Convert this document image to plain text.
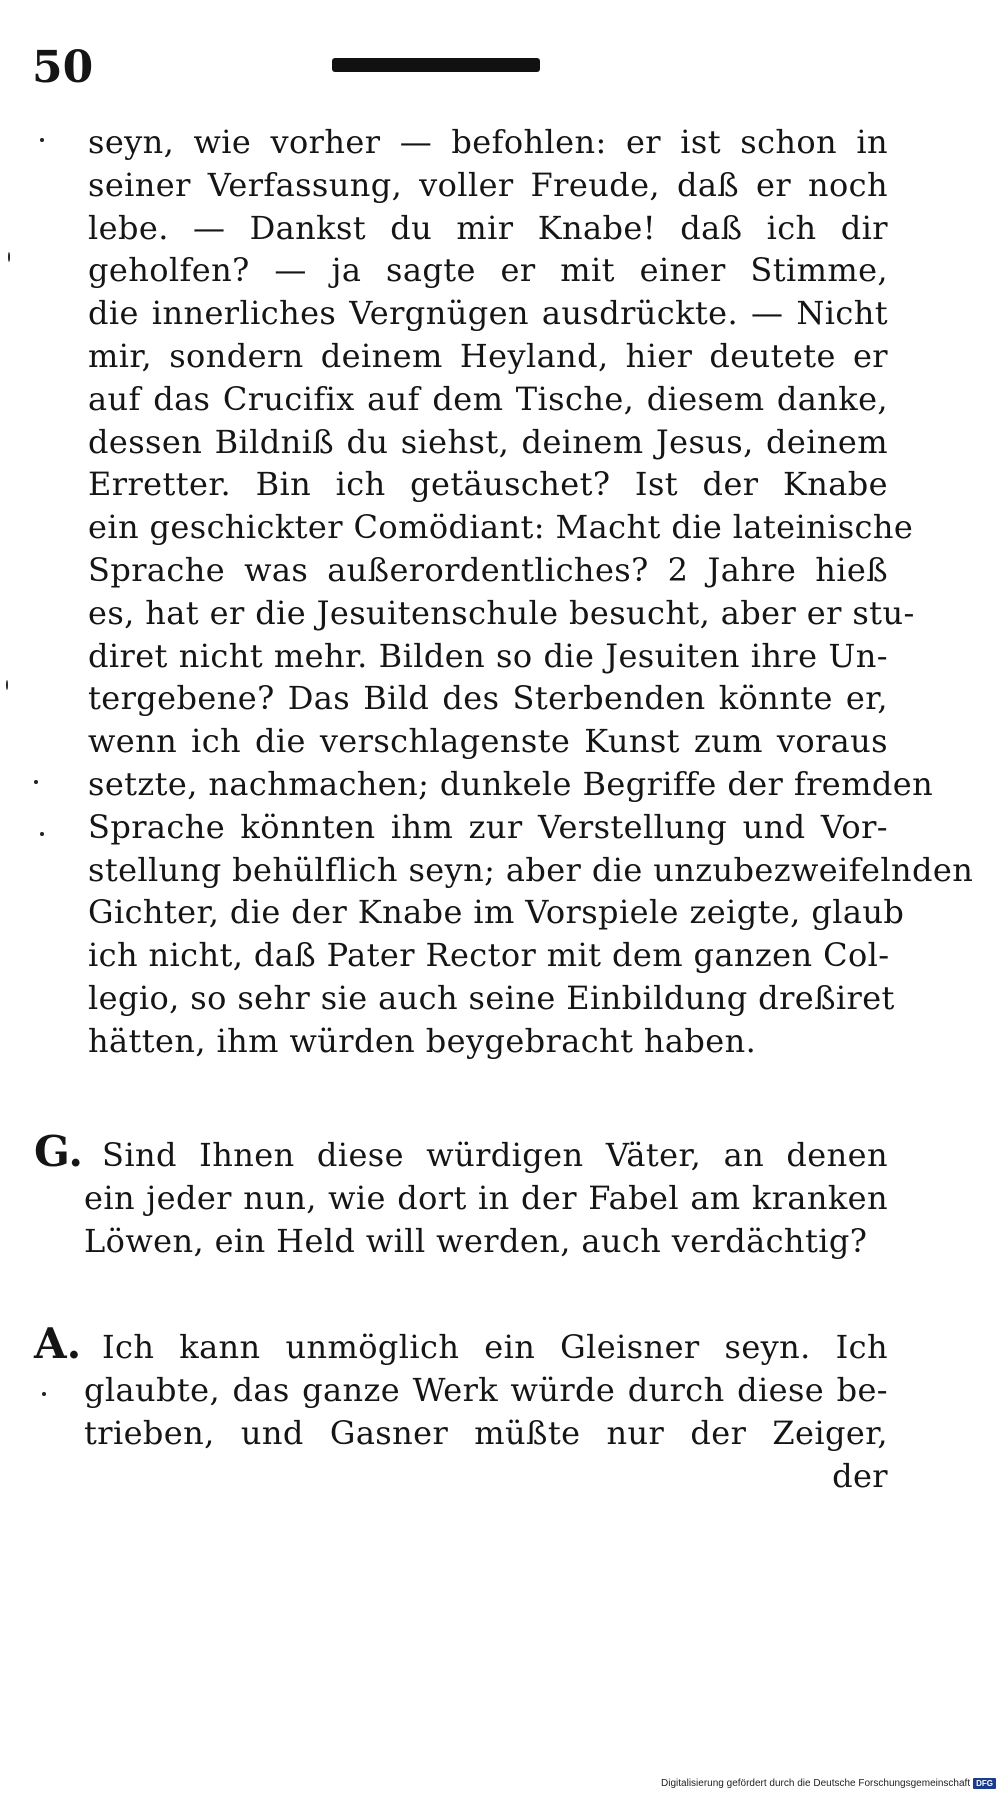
50
seyn, wie vorher — befohlen: er ist schon in
seiner Verfassung, voller Freude, daß er noch
lebe. — Dankst du mir Knabe! daß ich dir
geholfen? — ja sagte er mit einer Stimme,
die innerliches Vergnügen ausdrückte. — Nicht
mir, sondern deinem Heyland, hier deutete er
auf das Crucifix auf dem Tische, diesem danke,
dessen Bildniß du siehst, deinem Jesus, deinem
Erretter. Bin ich getäuschet? Ist der Knabe
ein geschickter Comödiant: Macht die lateinische
Sprache was außerordentliches? 2 Jahre hieß
es, hat er die Jesuitenschule besucht, aber er stu-
diret nicht mehr. Bilden so die Jesuiten ihre Un-
tergebene? Das Bild des Sterbenden könnte er,
wenn ich die verschlagenste Kunst zum voraus
setzte, nachmachen; dunkele Begriffe der fremden
Sprache könnten ihm zur Verstellung und Vor-
stellung behülflich seyn; aber die unzubezweifelnden
Gichter, die der Knabe im Vorspiele zeigte, glaub
ich nicht, daß Pater Rector mit dem ganzen Col-
legio, so sehr sie auch seine Einbildung dreßiret
hätten, ihm würden beygebracht haben.
G. Sind Ihnen diese würdigen Väter, an denen
ein jeder nun, wie dort in der Fabel am kranken
Löwen, ein Held will werden, auch verdächtig?
A. Ich kann unmöglich ein Gleisner seyn. Ich
glaubte, das ganze Werk würde durch diese be-
trieben, und Gasner müßte nur der Zeiger,
der
Digitalisierung gefördert durch die Deutsche Forschungsgemeinschaft DFG
